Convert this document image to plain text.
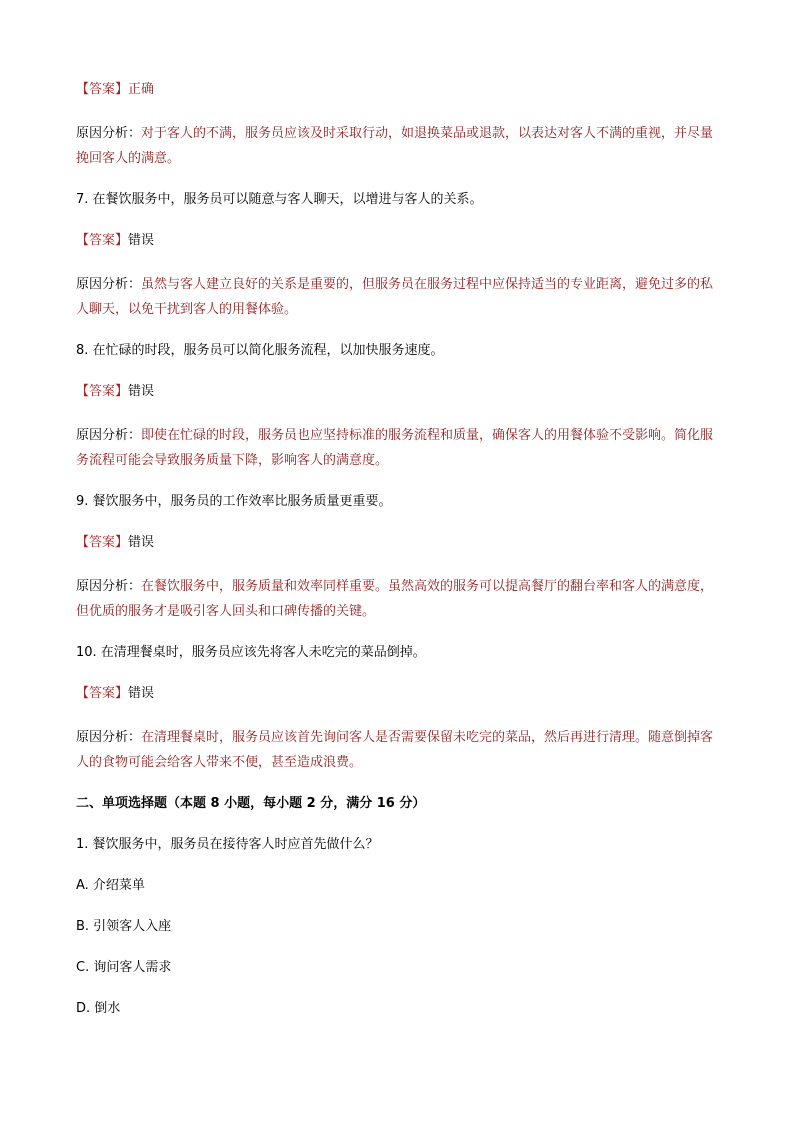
【答案】正确
原因分析：对于客人的不满，服务员应该及时采取行动，如退换菜品或退款，以表达对客人不满的重视，并尽量挽回客人的满意。
7. 在餐饮服务中，服务员可以随意与客人聊天，以增进与客人的关系。
【答案】错误
原因分析：虽然与客人建立良好的关系是重要的，但服务员在服务过程中应保持适当的专业距离，避免过多的私人聊天，以免干扰到客人的用餐体验。
8. 在忙碌的时段，服务员可以简化服务流程，以加快服务速度。
【答案】错误
原因分析：即使在忙碌的时段，服务员也应坚持标准的服务流程和质量，确保客人的用餐体验不受影响。简化服务流程可能会导致服务质量下降，影响客人的满意度。
9. 餐饮服务中，服务员的工作效率比服务质量更重要。
【答案】错误
原因分析：在餐饮服务中，服务质量和效率同样重要。虽然高效的服务可以提高餐厅的翻台率和客人的满意度，但优质的服务才是吸引客人回头和口碑传播的关键。
10. 在清理餐桌时，服务员应该先将客人未吃完的菜品倒掉。
【答案】错误
原因分析：在清理餐桌时，服务员应该首先询问客人是否需要保留未吃完的菜品，然后再进行清理。随意倒掉客人的食物可能会给客人带来不便，甚至造成浪费。
二、单项选择题（本题 8 小题，每小题 2 分，满分 16 分）
1. 餐饮服务中，服务员在接待客人时应首先做什么？
A. 介绍菜单
B. 引领客人入座
C. 询问客人需求
D. 倒水
